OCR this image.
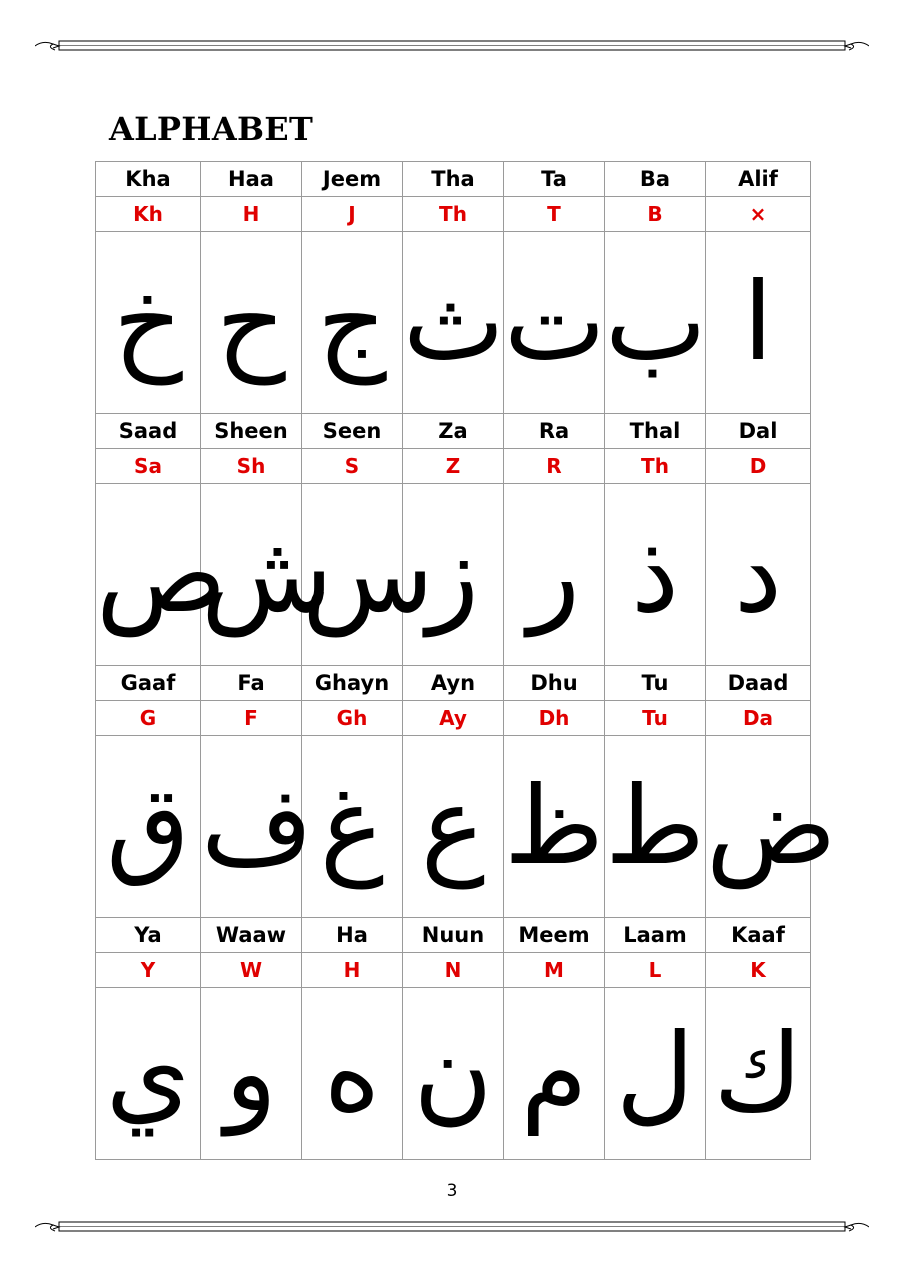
ALPHABET
Kha	Haa	Jeem	Tha	Ta	Ba	Alif
Kh	H	J	Th	T	B	×
خ	ح	ج	ث	ت	ب	ا
Saad	Sheen	Seen	Za	Ra	Thal	Dal
Sa	Sh	S	Z	R	Th	D
ص	ش	س	ز	ر	ذ	د
Gaaf	Fa	Ghayn	Ayn	Dhu	Tu	Daad
G	F	Gh	Ay	Dh	Tu	Da
ق	ف	غ	ع	ظ	ط	ض
Ya	Waaw	Ha	Nuun	Meem	Laam	Kaaf
Y	W	H	N	M	L	K
ي	و	ه	ن	م	ل	ك
3
